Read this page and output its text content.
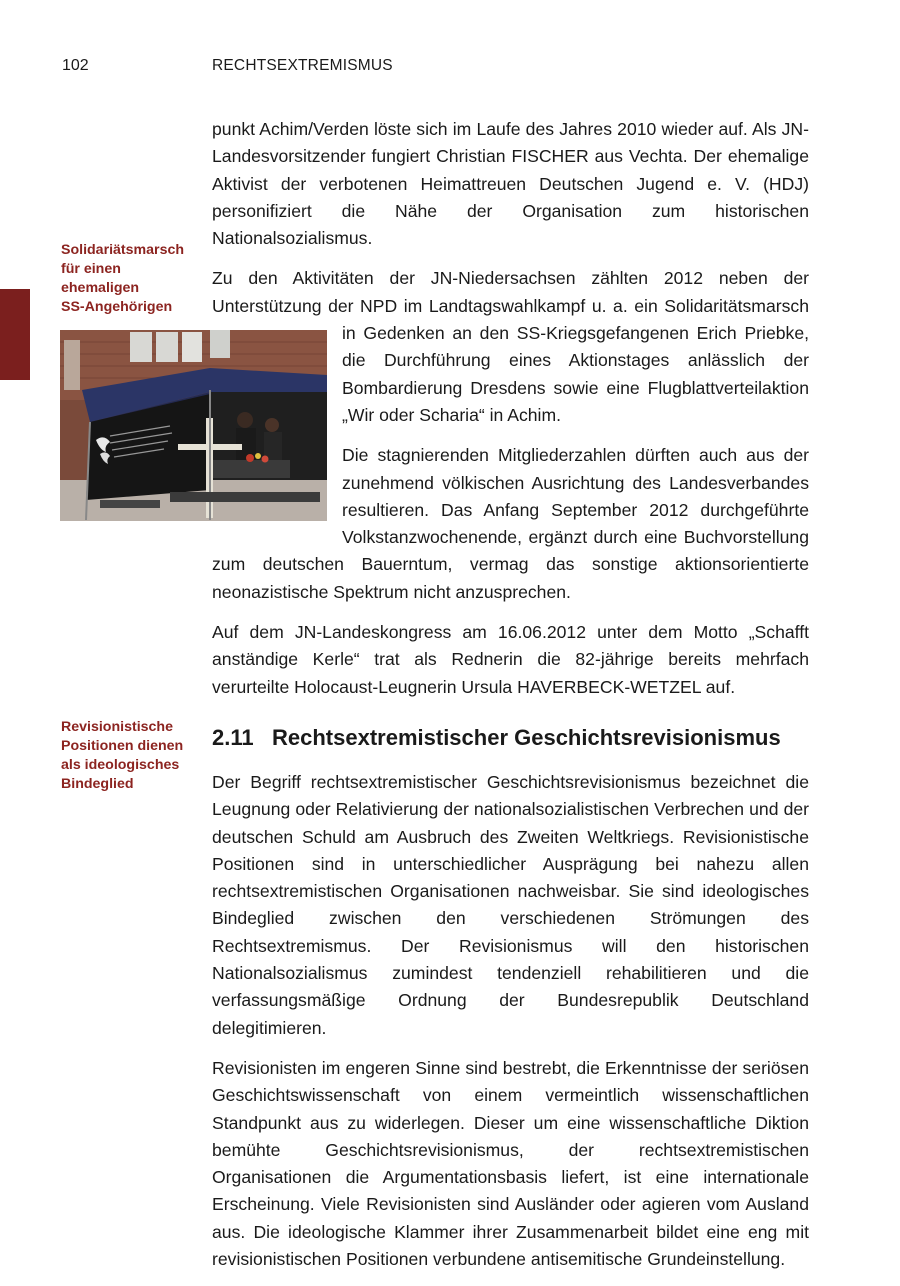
102	RECHTSEXTREMISMUS
Solidariätsmarsch
für einen
ehemaligen
SS-Angehörigen
Revisionistische
Positionen dienen
als ideologisches
Bindeglied

punkt Achim/Verden löste sich im Laufe des Jahres 2010 wieder auf. Als JN-Landesvorsitzender fungiert Christian FISCHER aus Vechta. Der ehemalige Aktivist der verbotenen Heimattreuen Deutschen Jugend e. V. (HDJ) personifiziert die Nähe der Organisation zum historischen Nationalsozialismus.

Zu den Aktivitäten der JN-Niedersachsen zählten 2012 neben der Unterstützung der NPD im Landtagswahlkampf u. a. ein Solidaritätsmarsch in Gedenken an den SS-Kriegsgefangenen Erich Priebke, die Durchführung eines Aktionstages anlässlich der Bombardierung Dresdens sowie eine Flugblattverteilaktion „Wir oder Scharia“ in Achim.

Die stagnierenden Mitgliederzahlen dürften auch aus der zunehmend völkischen Ausrichtung des Landesverbandes resultieren. Das Anfang September 2012 durchgeführte Volkstanzwochenende, ergänzt durch eine Buchvorstellung zum deutschen Bauerntum, vermag das sonstige aktionsorientierte neonazistische Spektrum nicht anzusprechen.

Auf dem JN-Landeskongress am 16.06.2012 unter dem Motto „Schafft anständige Kerle“ trat als Rednerin die 82-jährige bereits mehrfach verurteilte Holocaust-Leugnerin Ursula HAVERBECK-WETZEL auf.

2.11 Rechtsextremistischer Geschichtsrevisionismus

Der Begriff rechtsextremistischer Geschichtsrevisionismus bezeichnet die Leugnung oder Relativierung der nationalsozialistischen Verbrechen und der deutschen Schuld am Ausbruch des Zweiten Weltkriegs. Revisionistische Positionen sind in unterschiedlicher Ausprägung bei nahezu allen rechtsextremistischen Organisationen nachweisbar. Sie sind ideologisches Bindeglied zwischen den verschiedenen Strömungen des Rechtsextremismus. Der Revisionismus will den historischen Nationalsozialismus zumindest tendenziell rehabilitieren und die verfassungsmäßige Ordnung der Bundesrepublik Deutschland delegitimieren.

Revisionisten im engeren Sinne sind bestrebt, die Erkenntnisse der seriösen Geschichtswissenschaft von einem vermeintlich wissenschaftlichen Standpunkt aus zu widerlegen. Dieser um eine wissenschaftliche Diktion bemühte Geschichtsrevisionismus, der rechtsextremistischen Organisationen die Argumentationsbasis liefert, ist eine internationale Erscheinung. Viele Revisionisten sind Ausländer oder agieren vom Ausland aus. Die ideologische Klammer ihrer Zusammenarbeit bildet eine eng mit revisionistischen Positionen verbundene antisemitische Grundeinstellung.
